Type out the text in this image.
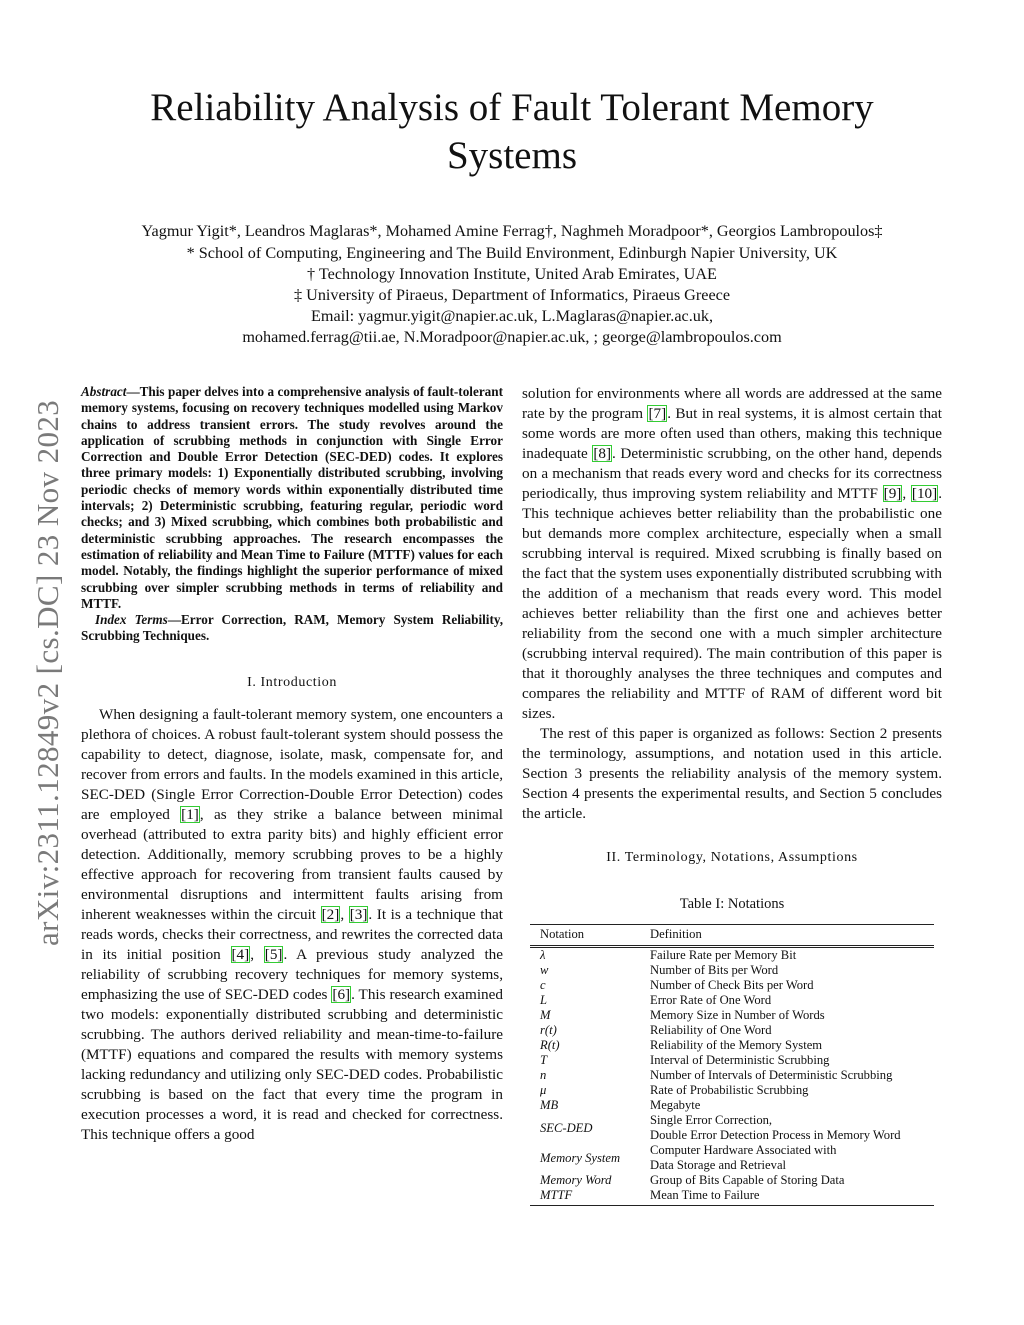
arXiv:2311.12849v2 [cs.DC] 23 Nov 2023
Reliability Analysis of Fault Tolerant Memory
Systems
Yagmur Yigit*, Leandros Maglaras*, Mohamed Amine Ferrag†, Naghmeh Moradpoor*, Georgios Lambropoulos‡
* School of Computing, Engineering and The Build Environment, Edinburgh Napier University, UK
† Technology Innovation Institute, United Arab Emirates, UAE
‡ University of Piraeus, Department of Informatics, Piraeus Greece
Email: yagmur.yigit@napier.ac.uk, L.Maglaras@napier.ac.uk,
mohamed.ferrag@tii.ae, N.Moradpoor@napier.ac.uk, ; george@lambropoulos.com

Abstract—This paper delves into a comprehensive analysis of fault-tolerant memory systems, focusing on recovery techniques modelled using Markov chains to address transient errors. The study revolves around the application of scrubbing methods in conjunction with Single Error Correction and Double Error Detection (SEC-DED) codes. It explores three primary models: 1) Exponentially distributed scrubbing, involving periodic checks of memory words within exponentially distributed time intervals; 2) Deterministic scrubbing, featuring regular, periodic word checks; and 3) Mixed scrubbing, which combines both probabilistic and deterministic scrubbing approaches. The research encompasses the estimation of reliability and Mean Time to Failure (MTTF) values for each model. Notably, the findings highlight the superior performance of mixed scrubbing over simpler scrubbing methods in terms of reliability and MTTF.

Index Terms—Error Correction, RAM, Memory System Reliability, Scrubbing Techniques.

I. Introduction

When designing a fault-tolerant memory system, one encounters a plethora of choices. A robust fault-tolerant system should possess the capability to detect, diagnose, isolate, mask, compensate for, and recover from errors and faults. In the models examined in this article, SEC-DED (Single Error Correction-Double Error Detection) codes are employed [1], as they strike a balance between minimal overhead (attributed to extra parity bits) and highly efficient error detection. Additionally, memory scrubbing proves to be a highly effective approach for recovering from transient faults caused by environmental disruptions and intermittent faults arising from inherent weaknesses within the circuit [2], [3]. It is a technique that reads words, checks their correctness, and rewrites the corrected data in its initial position [4], [5]. A previous study analyzed the reliability of scrubbing recovery techniques for memory systems, emphasizing the use of SEC-DED codes [6]. This research examined two models: exponentially distributed scrubbing and deterministic scrubbing. The authors derived reliability and mean-time-to-failure (MTTF) equations and compared the results with memory systems lacking redundancy and utilizing only SEC-DED codes. Probabilistic scrubbing is based on the fact that every time the program in execution processes a word, it is read and checked for correctness. This technique offers a good

solution for environments where all words are addressed at the same rate by the program [7]. But in real systems, it is almost certain that some words are more often used than others, making this technique inadequate [8]. Deterministic scrubbing, on the other hand, depends on a mechanism that reads every word and checks for its correctness periodically, thus improving system reliability and MTTF [9], [10]. This technique achieves better reliability than the probabilistic one but demands more complex architecture, especially when a small scrubbing interval is required. Mixed scrubbing is finally based on the fact that the system uses exponentially distributed scrubbing with the addition of a mechanism that reads every word. This model achieves better reliability than the first one and achieves better reliability from the second one with a much simpler architecture (scrubbing interval required). The main contribution of this paper is that it thoroughly analyses the three techniques and computes and compares the reliability and MTTF of RAM of different word bit sizes.

The rest of this paper is organized as follows: Section 2 presents the terminology, assumptions, and notation used in this article. Section 3 presents the reliability analysis of the memory system. Section 4 presents the experimental results, and Section 5 concludes the article.

II. Terminology, Notations, Assumptions
Table I: Notations
Notation	Definition
λ	Failure Rate per Memory Bit
w	Number of Bits per Word
c	Number of Check Bits per Word
L	Error Rate of One Word
M	Memory Size in Number of Words
r(t)	Reliability of One Word
R(t)	Reliability of the Memory System
T	Interval of Deterministic Scrubbing
n	Number of Intervals of Deterministic Scrubbing
μ	Rate of Probabilistic Scrubbing
MB	Megabyte
SEC-DED	Single Error Correction,
Double Error Detection Process in Memory Word

Memory System	Computer Hardware Associated with
Data Storage and Retrieval

Memory Word	Group of Bits Capable of Storing Data
MTTF	Mean Time to Failure
